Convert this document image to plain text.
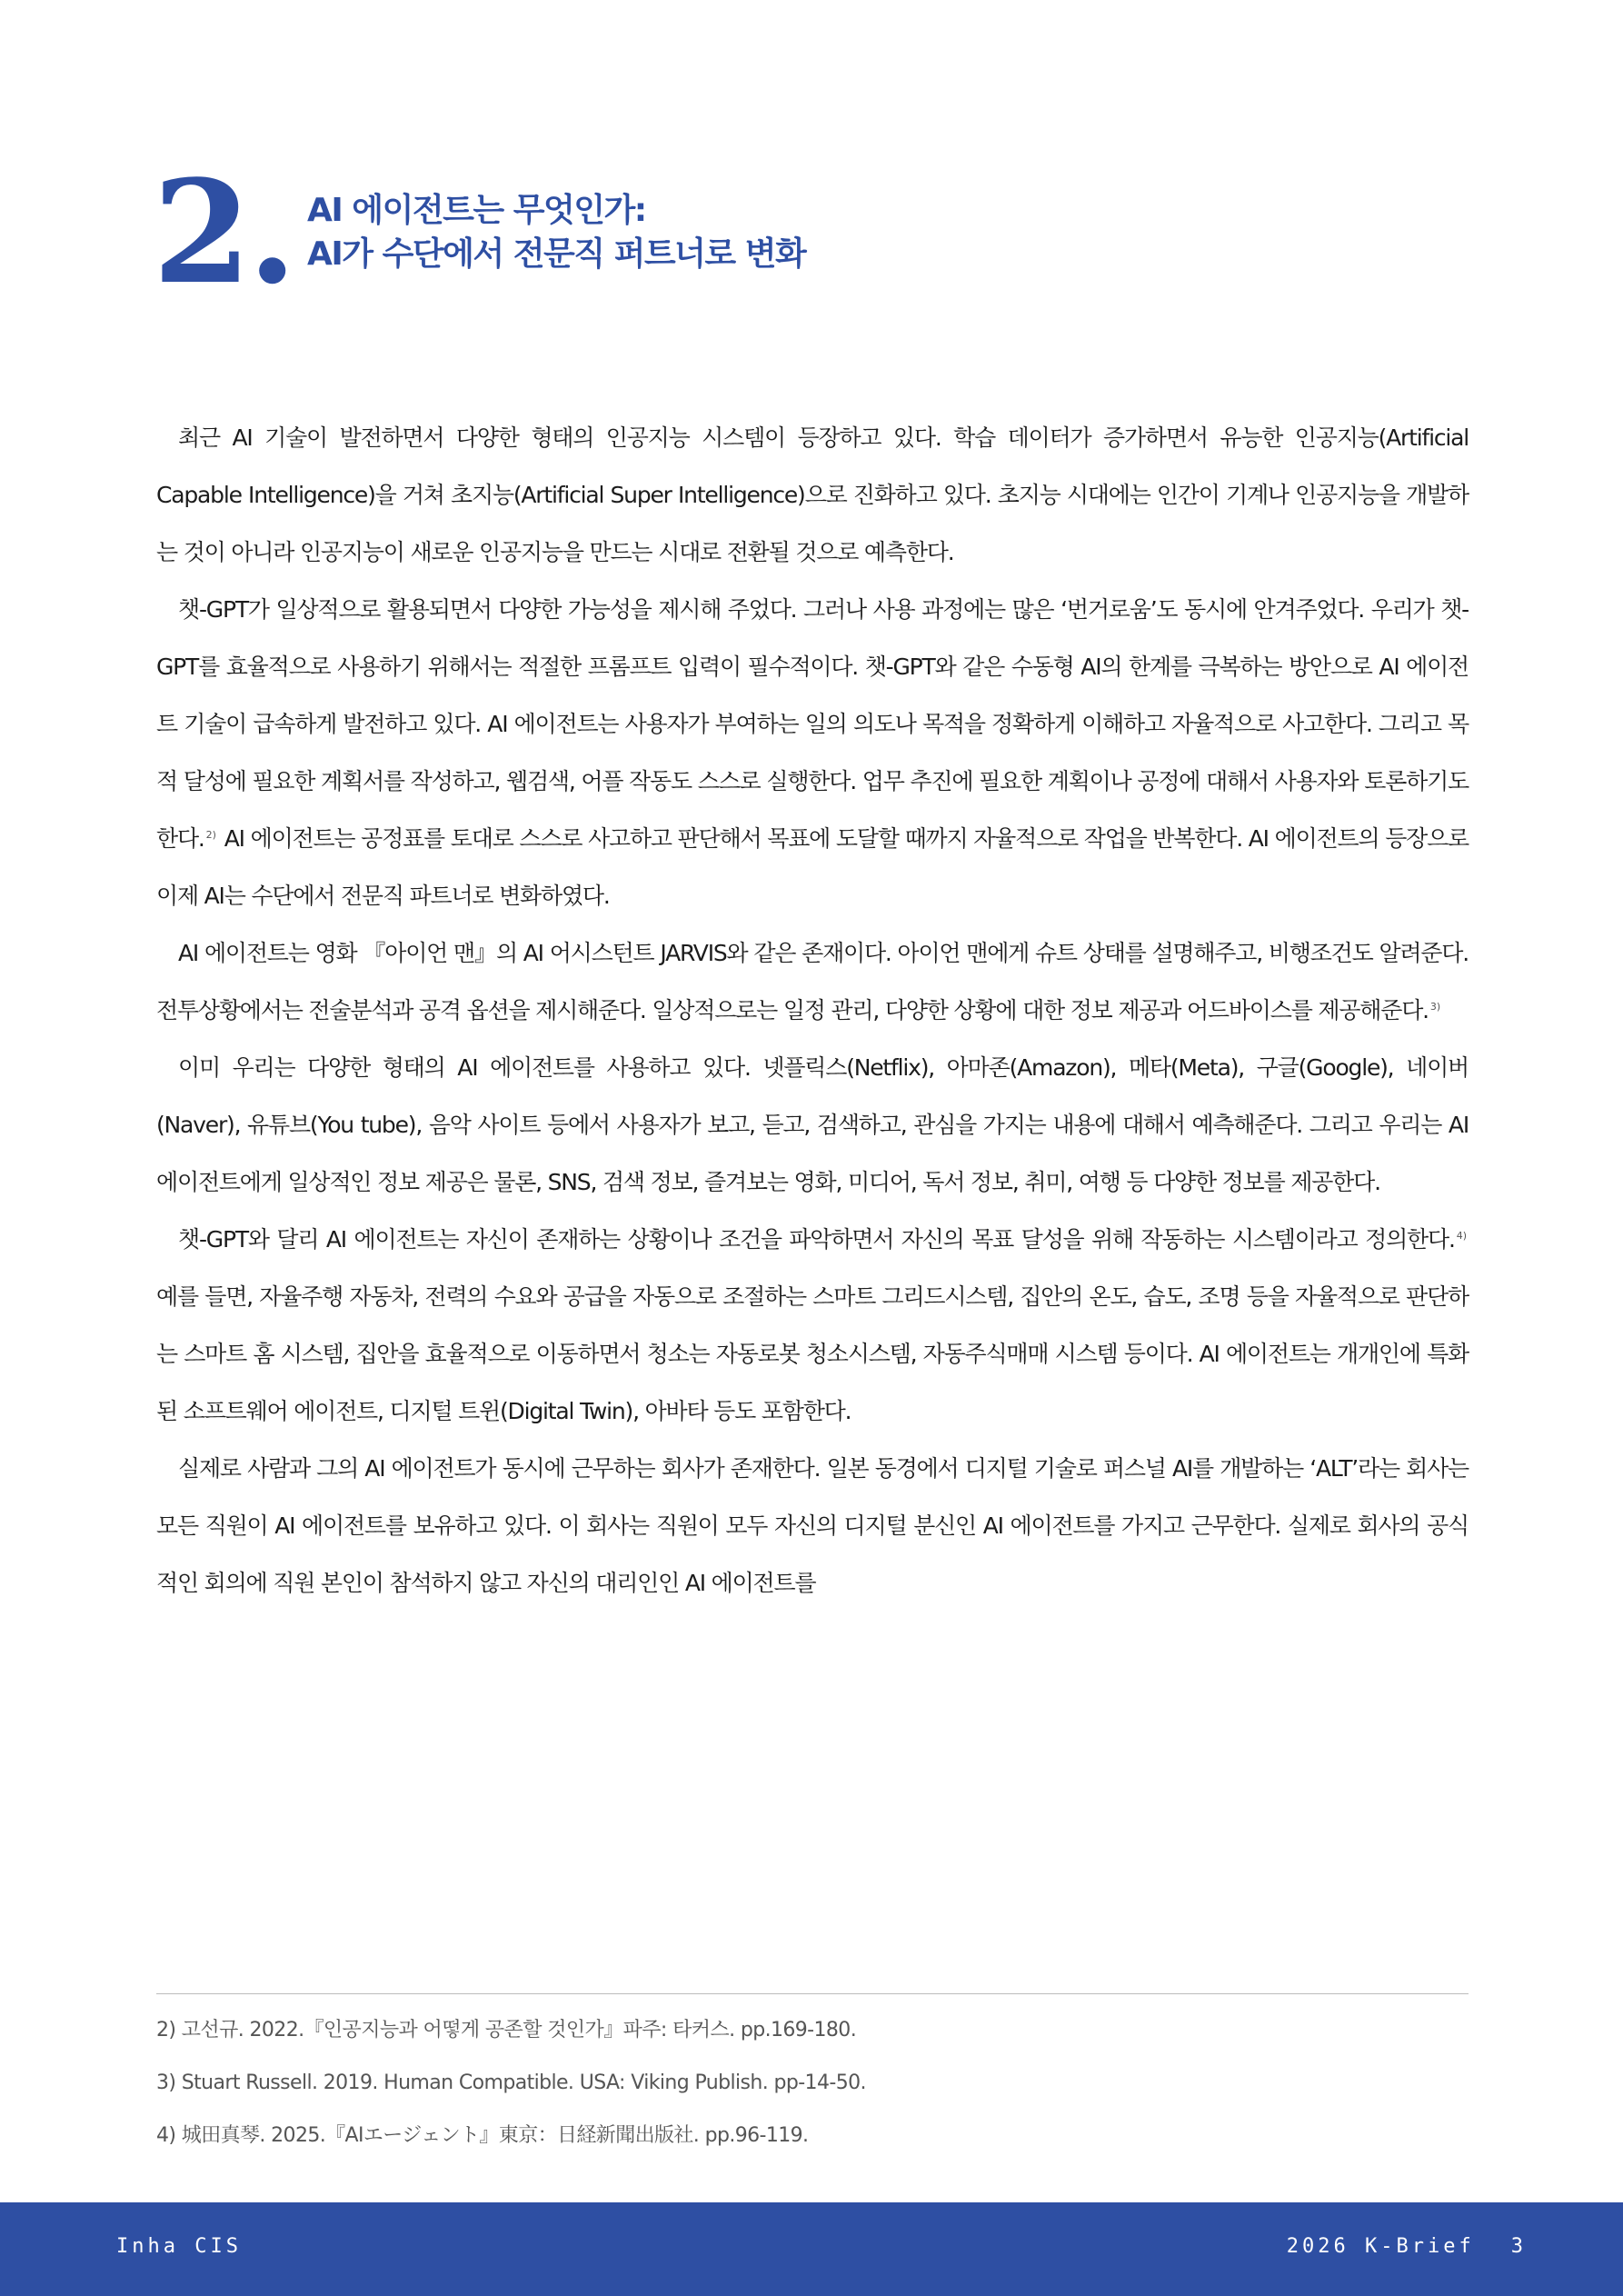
2. AI 에이전트는 무엇인가:
AI가 수단에서 전문직 퍼트너로 변화

최근 AI 기술이 발전하면서 다양한 형태의 인공지능 시스템이 등장하고 있다. 학습 데이터가 증가하면서 유능한 인공지능(Artificial Capable Intelligence)을 거쳐 초지능(Artificial Super Intelligence)으로 진화하고 있다. 초지능 시대에는 인간이 기계나 인공지능을 개발하는 것이 아니라 인공지능이 새로운 인공지능을 만드는 시대로 전환될 것으로 예측한다.

챗-GPT가 일상적으로 활용되면서 다양한 가능성을 제시해 주었다. 그러나 사용 과정에는 많은 ‘번거로움’도 동시에 안겨주었다. 우리가 챗-GPT를 효율적으로 사용하기 위해서는 적절한 프롬프트 입력이 필수적이다. 챗-GPT와 같은 수동형 AI의 한계를 극복하는 방안으로 AI 에이전트 기술이 급속하게 발전하고 있다. AI 에이전트는 사용자가 부여하는 일의 의도나 목적을 정확하게 이해하고 자율적으로 사고한다. 그리고 목적 달성에 필요한 계획서를 작성하고, 웹검색, 어플 작동도 스스로 실행한다. 업무 추진에 필요한 계획이나 공정에 대해서 사용자와 토론하기도 한다. $^{2)}$ AI 에이전트는 공정표를 토대로 스스로 사고하고 판단해서 목표에 도달할 때까지 자율적으로 작업을 반복한다. AI 에이전트의 등장으로 이제 AI는 수단에서 전문직 파트너로 변화하였다.

AI 에이전트는 영화 『아이언 맨』의 AI 어시스턴트 JARVIS와 같은 존재이다. 아이언 맨에게 슈트 상태를 설명해주고, 비행조건도 알려준다. 전투상황에서는 전술분석과 공격 옵션을 제시해준다. 일상적으로는 일정 관리, 다양한 상황에 대한 정보 제공과 어드바이스를 제공해준다. $^{3)}$

이미 우리는 다양한 형태의 AI 에이전트를 사용하고 있다. 넷플릭스(Netflix), 아마존(Amazon), 메타(Meta), 구글(Google), 네이버(Naver), 유튜브(You tube), 음악 사이트 등에서 사용자가 보고, 듣고, 검색하고, 관심을 가지는 내용에 대해서 예측해준다. 그리고 우리는 AI 에이전트에게 일상적인 정보 제공은 물론, SNS, 검색 정보, 즐겨보는 영화, 미디어, 독서 정보, 취미, 여행 등 다양한 정보를 제공한다.

챗-GPT와 달리 AI 에이전트는 자신이 존재하는 상황이나 조건을 파악하면서 자신의 목표 달성을 위해 작동하는 시스템이라고 정의한다. $^{4)}$ 예를 들면, 자율주행 자동차, 전력의 수요와 공급을 자동으로 조절하는 스마트 그리드시스템, 집안의 온도, 습도, 조명 등을 자율적으로 판단하는 스마트 홈 시스템, 집안을 효율적으로 이동하면서 청소는 자동로봇 청소시스템, 자동주식매매 시스템 등이다. AI 에이전트는 개개인에 특화된 소프트웨어 에이전트, 디지털 트윈(Digital Twin), 아바타 등도 포함한다.

실제로 사람과 그의 AI 에이전트가 동시에 근무하는 회사가 존재한다. 일본 동경에서 디지털 기술로 퍼스널 AI를 개발하는 ‘ALT’라는 회사는 모든 직원이 AI 에이전트를 보유하고 있다. 이 회사는 직원이 모두 자신의 디지털 분신인 AI 에이전트를 가지고 근무한다. 실제로 회사의 공식적인 회의에 직원 본인이 참석하지 않고 자신의 대리인인 AI 에이전트를

2) 고선규. 2022.『인공지능과 어떻게 공존할 것인가』파주: 타커스. pp.169-180.
3) Stuart Russell. 2019. Human Compatible. USA: Viking Publish. pp-14-50.
4) 城田真琴. 2025.『AIエージェント』東京：日経新聞出版社. pp.96-119.
Inha CIS	2026 K-Brief 3
